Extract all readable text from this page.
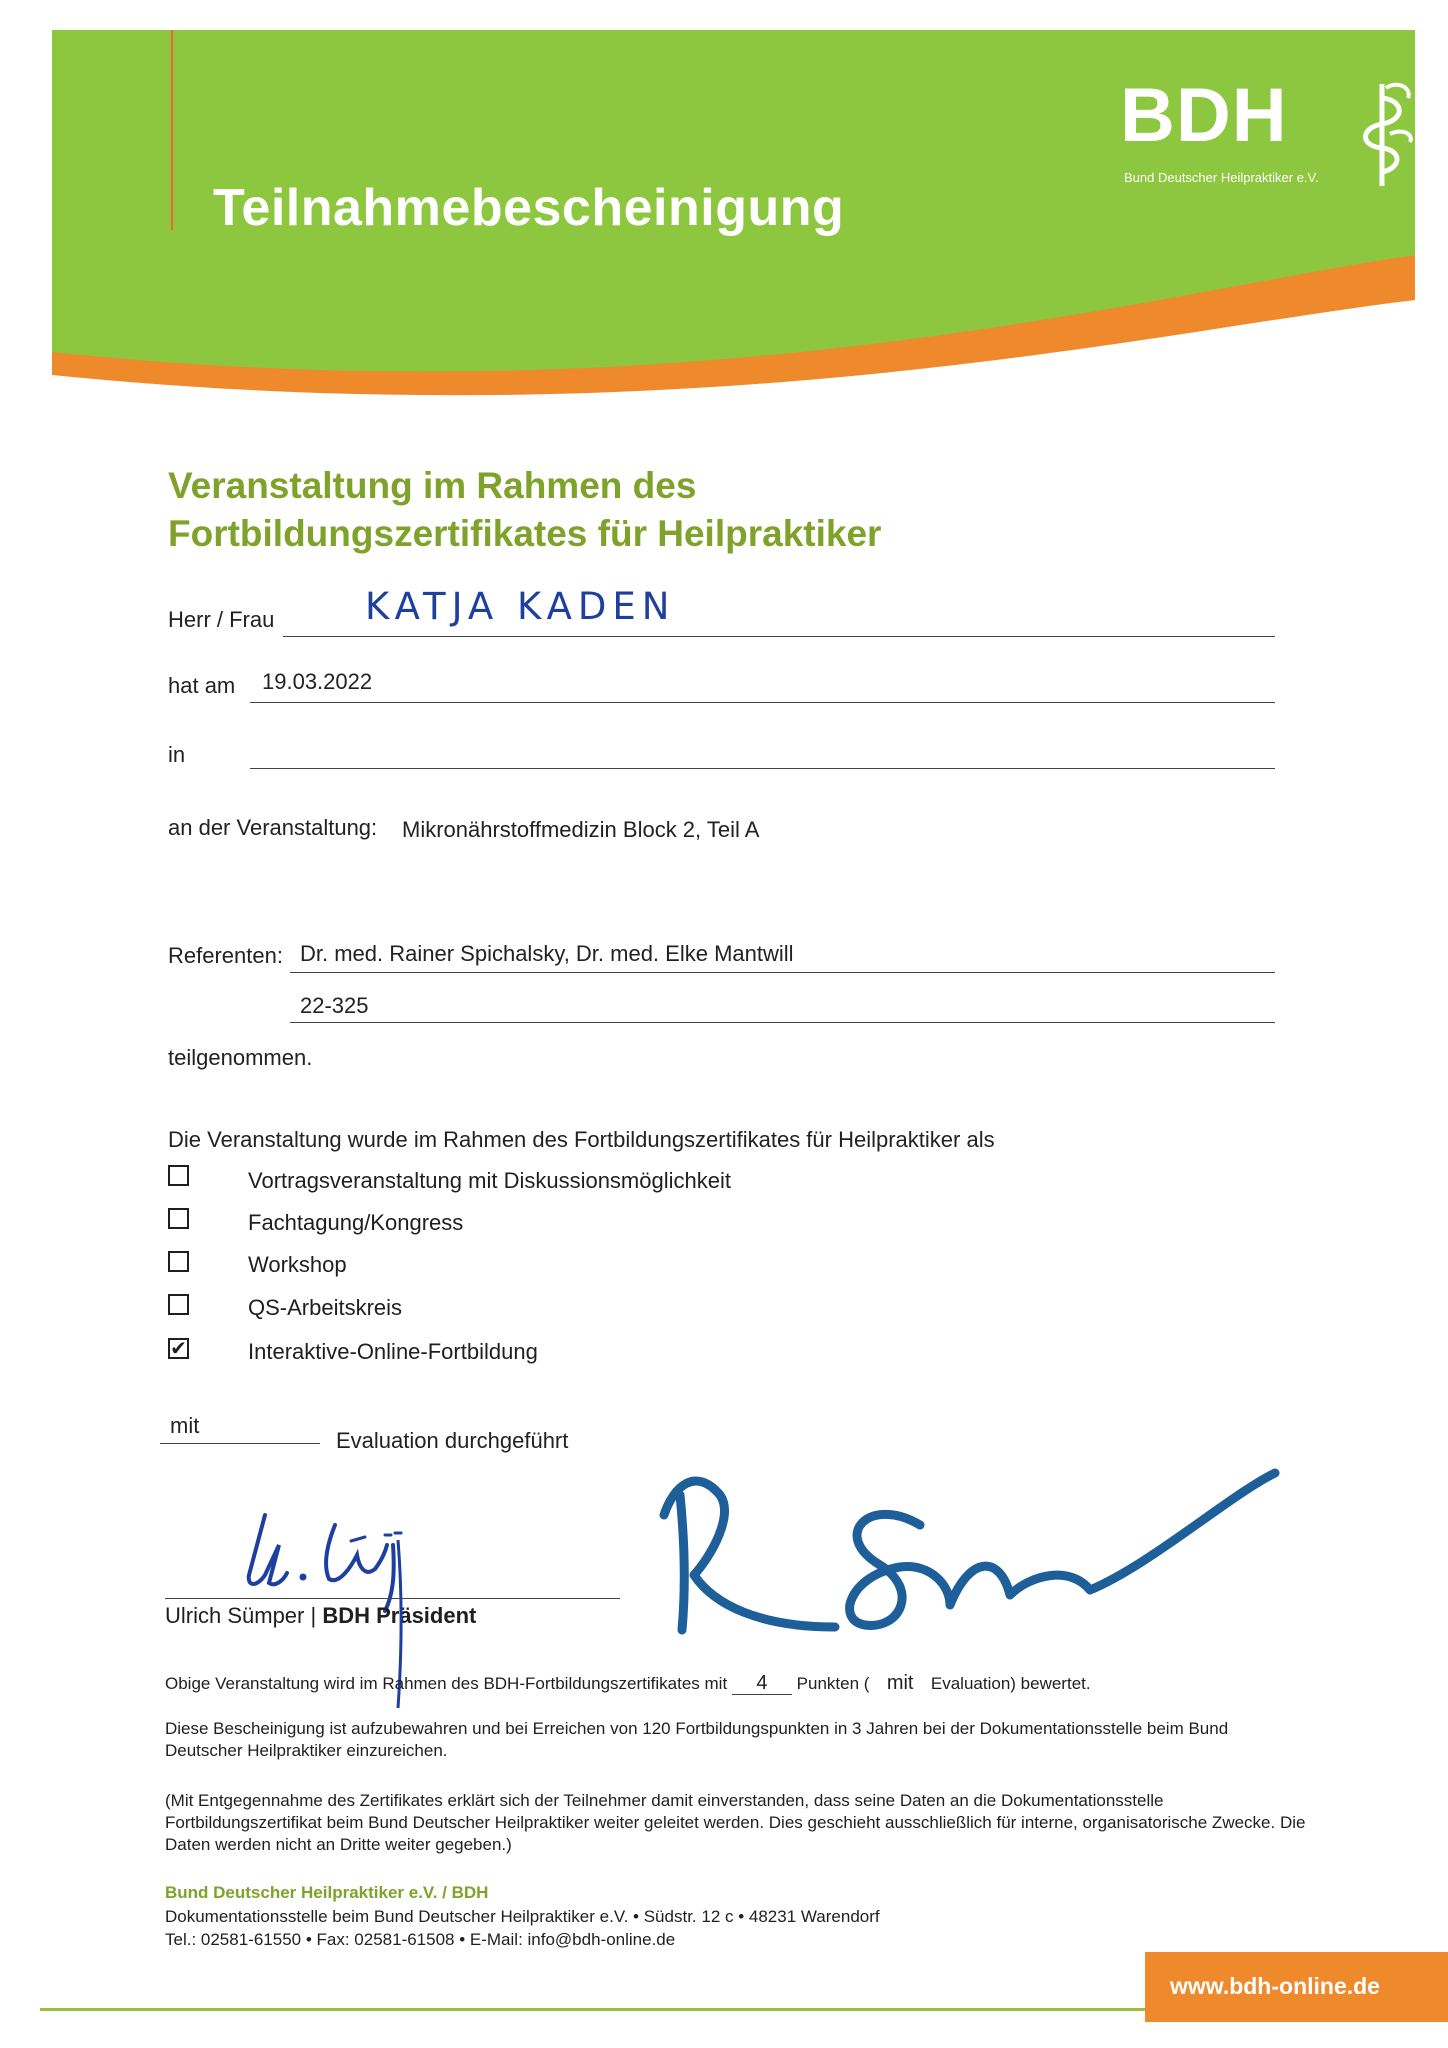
Teilnahmebescheinigung
BDH
Bund Deutscher Heilpraktiker e.V.
Veranstaltung im Rahmen des
Fortbildungszertifikates für Heilpraktiker
Herr / Frau KATJA KADEN
hat am 19.03.2022
in
an der Veranstaltung: Mikronährstoffmedizin Block 2, Teil A
Referenten: Dr. med. Rainer Spichalsky, Dr. med. Elke Mantwill
22-325
teilgenommen.
Die Veranstaltung wurde im Rahmen des Fortbildungszertifikates für Heilpraktiker als
Vortragsveranstaltung mit Diskussionsmöglichkeit
Fachtagung/Kongress
Workshop
QS-Arbeitskreis
✔	Interaktive-Online-Fortbildung
mit
Evaluation durchgeführt
Ulrich Sümper | BDH Präsident
Obige Veranstaltung wird im Rahmen des BDH-Fortbildungszertifikates mit 4 Punkten ( mit Evaluation) bewertet.
Diese Bescheinigung ist aufzubewahren und bei Erreichen von 120 Fortbildungspunkten in 3 Jahren bei der Dokumentationsstelle beim Bund Deutscher Heilpraktiker einzureichen.
(Mit Entgegennahme des Zertifikates erklärt sich der Teilnehmer damit einverstanden, dass seine Daten an die Dokumentationsstelle Fortbildungszertifikat beim Bund Deutscher Heilpraktiker weiter geleitet werden. Dies geschieht ausschließlich für interne, organisatorische Zwecke. Die Daten werden nicht an Dritte weiter gegeben.)
Bund Deutscher Heilpraktiker e.V. / BDH
Dokumentationsstelle beim Bund Deutscher Heilpraktiker e.V. • Südstr. 12 c • 48231 Warendorf
Tel.: 02581-61550 • Fax: 02581-61508 • E-Mail: info@bdh-online.de
www.bdh-online.de
